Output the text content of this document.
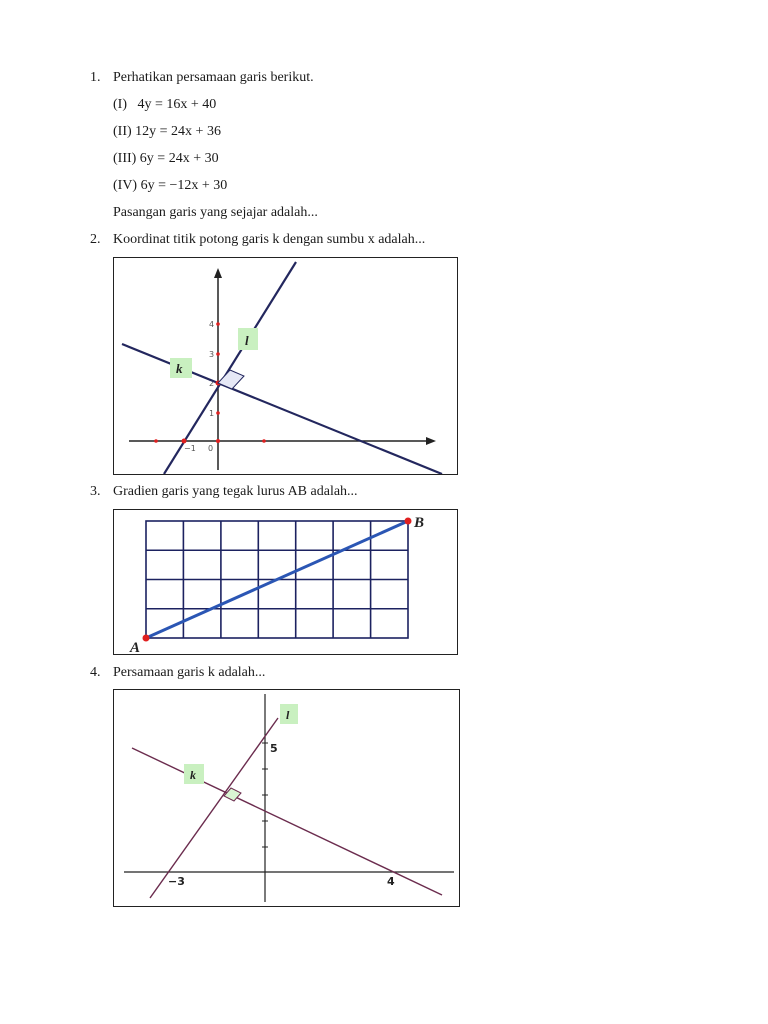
1. Perhatikan persamaan garis berikut.
(I)   4y = 16x + 40
(II) 12y = 24x + 36
(III) 6y = 24x + 30
(IV) 6y = −12x + 30
Pasangan garis yang sejajar adalah...
2. Koordinat titik potong garis k dengan sumbu x adalah...
4
3
2
1
0
−1
l
k
3. Gradien garis yang tegak lurus AB adalah...
A
B
4. Persamaan garis k adalah...
l
k
5
−3	4
